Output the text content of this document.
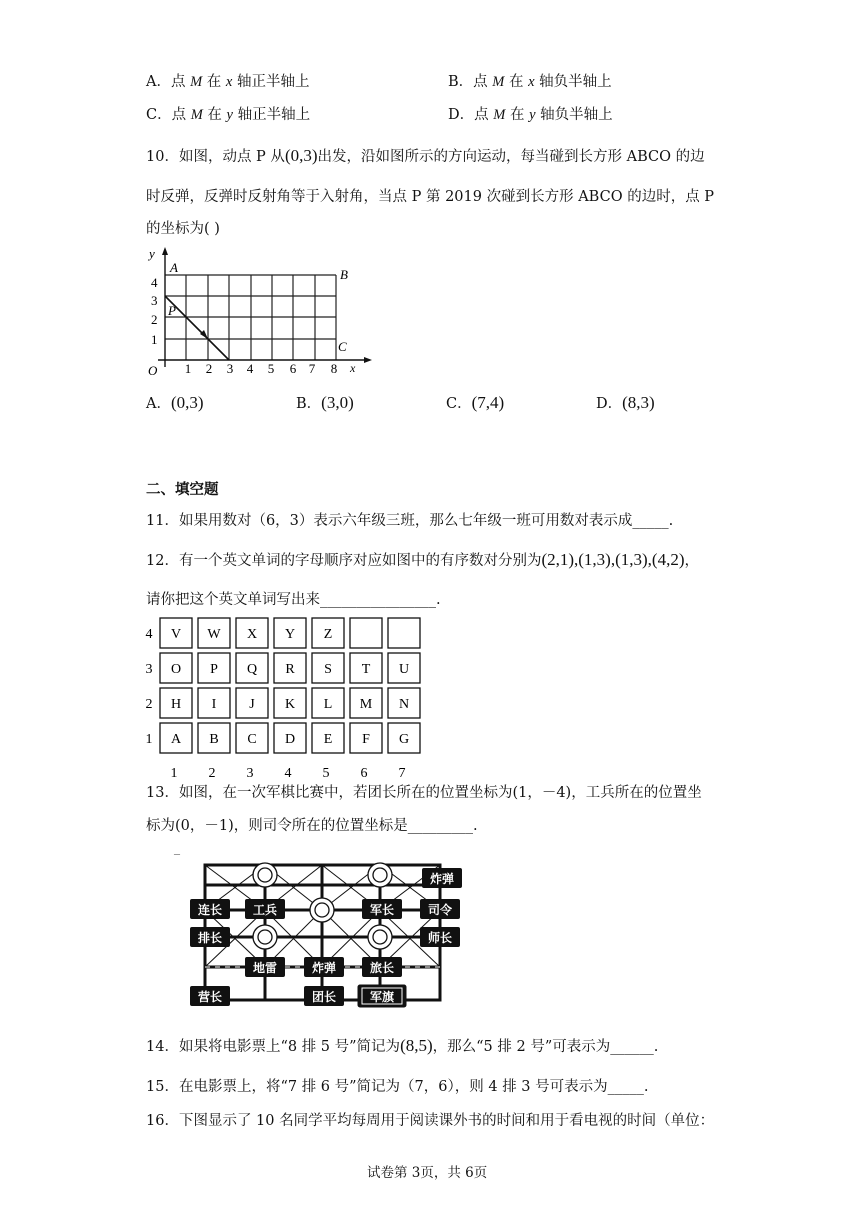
A．点 M 在 x 轴正半轴上	B．点 M 在 x 轴负半轴上
C．点 M 在 y 轴正半轴上	D．点 M 在 y 轴负半轴上
10．如图，动点 P 从(0,3)出发，沿如图所示的方向运动，每当碰到长方形 ABCO 的边
时反弹，反弹时反射角等于入射角，当点 P 第 2019 次碰到长方形 ABCO 的边时，点 P
的坐标为( )
y
A	B
C
P
O	x
4
3
2
1
1 2 3 4 5 6 7 8
A．(0,3)	B．(3,0)	C．(7,4)	D．(8,3)
二、填空题
11．如果用数对（6，3）表示六年级三班，那么七年级一班可用数对表示成_____.
12．有一个英文单词的字母顺序对应如图中的有序数对分别为(2,1),(1,3),(1,3),(4,2)，
请你把这个英文单词写出来________________.
4 V W X Y Z
3 O P Q R S T U
2 H I J K L M N
1 A B C D E F G
1 2 3 4 5 6 7
13．如图，在一次军棋比赛中，若团长所在的位置坐标为(1，－4)，工兵所在的位置坐
标为(0，－1)，则司令所在的位置坐标是_________.
–
炸弹
连长	工兵	军长	司令
排长	师长
地雷	炸弹	旅长
营长	团长	军旗
14．如果将电影票上“8 排 5 号”简记为(8,5)，那么“5 排 2 号”可表示为______.
15．在电影票上，将“7 排 6 号”简记为（7，6），则 4 排 3 号可表示为_____.
16．下图显示了 10 名同学平均每周用于阅读课外书的时间和用于看电视的时间（单位：
试卷第 3页，共 6页
